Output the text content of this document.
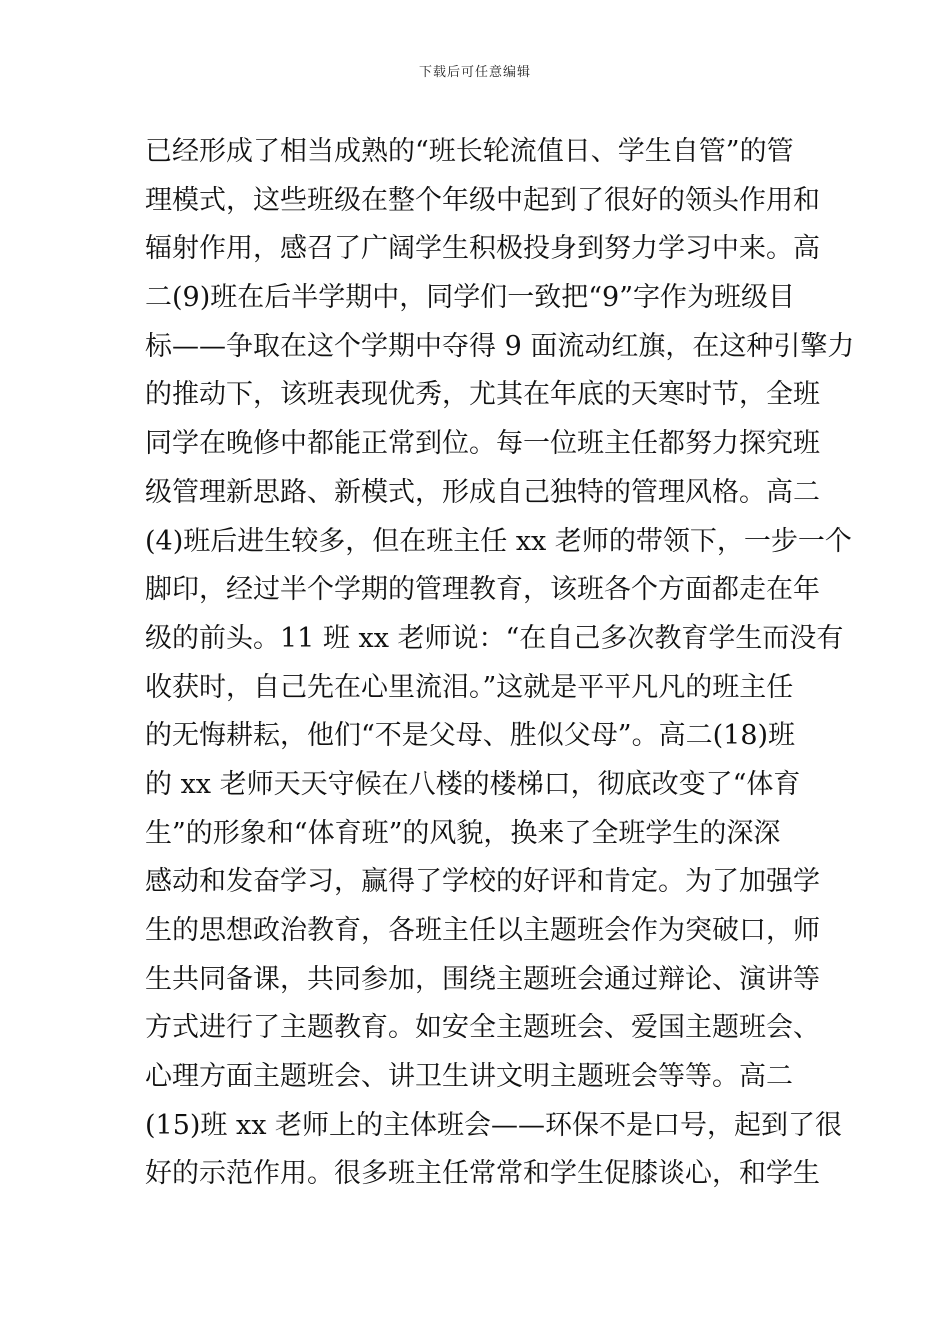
下载后可任意编辑
已经形成了相当成熟的“班长轮流值日、学生自管”的管
理模式，这些班级在整个年级中起到了很好的领头作用和
辐射作用，感召了广阔学生积极投身到努力学习中来。高
二(9)班在后半学期中，同学们一致把“9”字作为班级目
标——争取在这个学期中夺得 9 面流动红旗，在这种引擎力
的推动下，该班表现优秀，尤其在年底的天寒时节，全班
同学在晚修中都能正常到位。每一位班主任都努力探究班
级管理新思路、新模式，形成自己独特的管理风格。高二
(4)班后进生较多，但在班主任 xx 老师的带领下，一步一个
脚印，经过半个学期的管理教育，该班各个方面都走在年
级的前头。11 班 xx 老师说：“在自己多次教育学生而没有
收获时，自己先在心里流泪。”这就是平平凡凡的班主任
的无悔耕耘，他们“不是父母、胜似父母”。高二(18)班
的 xx 老师天天守候在八楼的楼梯口，彻底改变了“体育
生”的形象和“体育班”的风貌，换来了全班学生的深深
感动和发奋学习，赢得了学校的好评和肯定。为了加强学
生的思想政治教育，各班主任以主题班会作为突破口，师
生共同备课，共同参加，围绕主题班会通过辩论、演讲等
方式进行了主题教育。如安全主题班会、爱国主题班会、
心理方面主题班会、讲卫生讲文明主题班会等等。高二
(15)班 xx 老师上的主体班会——环保不是口号，起到了很
好的示范作用。很多班主任常常和学生促膝谈心，和学生
